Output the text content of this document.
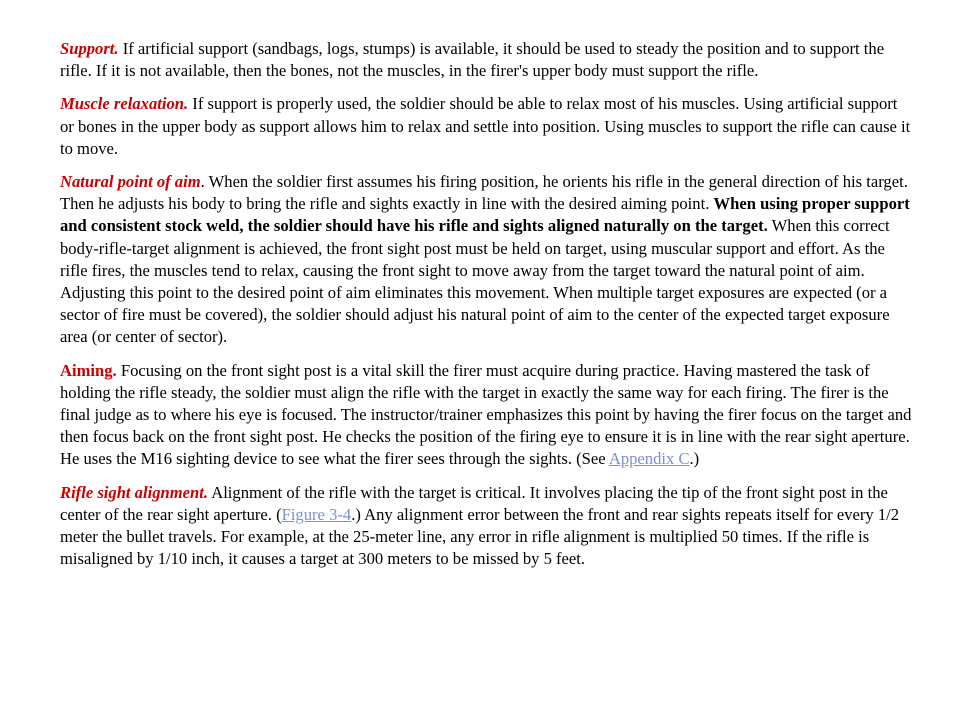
Support. If artificial support (sandbags, logs, stumps) is available, it should be used to steady the position and to support the rifle. If it is not available, then the bones, not the muscles, in the firer's upper body must support the rifle.

Muscle relaxation. If support is properly used, the soldier should be able to relax most of his muscles. Using artificial support or bones in the upper body as support allows him to relax and settle into position. Using muscles to support the rifle can cause it to move.

Natural point of aim. When the soldier first assumes his firing position, he orients his rifle in the general direction of his target. Then he adjusts his body to bring the rifle and sights exactly in line with the desired aiming point. When using proper support and consistent stock weld, the soldier should have his rifle and sights aligned naturally on the target. When this correct body-rifle-target alignment is achieved, the front sight post must be held on target, using muscular support and effort. As the rifle fires, the muscles tend to relax, causing the front sight to move away from the target toward the natural point of aim. Adjusting this point to the desired point of aim eliminates this movement. When multiple target exposures are expected (or a sector of fire must be covered), the soldier should adjust his natural point of aim to the center of the expected target exposure area (or center of sector).

Aiming. Focusing on the front sight post is a vital skill the firer must acquire during practice. Having mastered the task of holding the rifle steady, the soldier must align the rifle with the target in exactly the same way for each firing. The firer is the final judge as to where his eye is focused. The instructor/trainer emphasizes this point by having the firer focus on the target and then focus back on the front sight post. He checks the position of the firing eye to ensure it is in line with the rear sight aperture. He uses the M16 sighting device to see what the firer sees through the sights. (See Appendix C.)

Rifle sight alignment. Alignment of the rifle with the target is critical. It involves placing the tip of the front sight post in the center of the rear sight aperture. (Figure 3-4.) Any alignment error between the front and rear sights repeats itself for every 1/2 meter the bullet travels. For example, at the 25-meter line, any error in rifle alignment is multiplied 50 times. If the rifle is misaligned by 1/10 inch, it causes a target at 300 meters to be missed by 5 feet.
